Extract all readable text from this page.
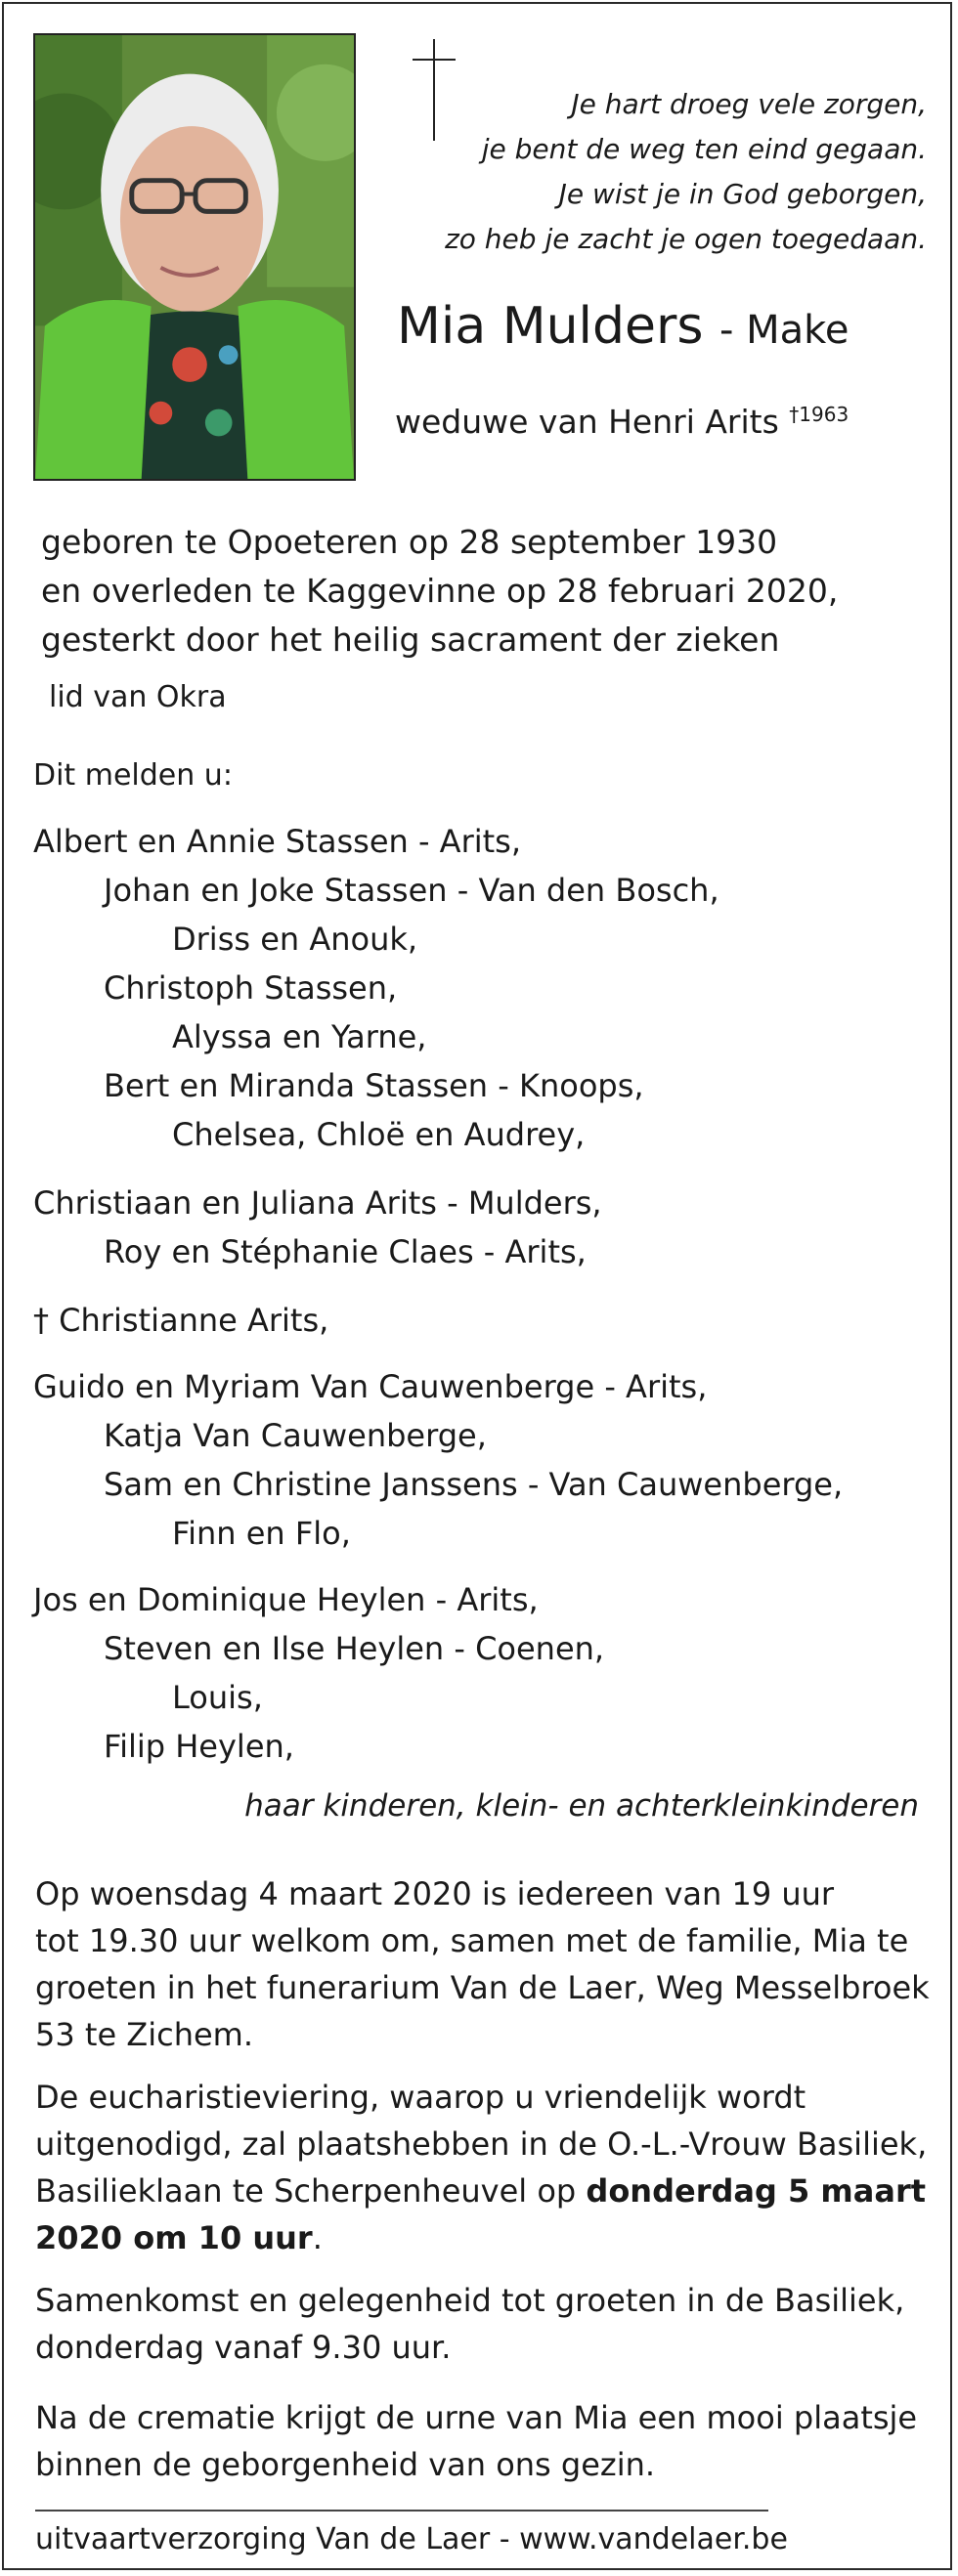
Je hart droeg vele zorgen,
je bent de weg ten eind gegaan.
Je wist je in God geborgen,
zo heb je zacht je ogen toegedaan.
Mia Mulders - Make
weduwe van Henri Arits $^{\dagger 1963}$
geboren te Opoeteren op 28 september 1930
en overleden te Kaggevinne op 28 februari 2020,
gesterkt door het heilig sacrament der zieken
lid van Okra
Dit melden u:
Albert en Annie Stassen - Arits,
Johan en Joke Stassen - Van den Bosch,
Driss en Anouk,
Christoph Stassen,
Alyssa en Yarne,
Bert en Miranda Stassen - Knoops,
Chelsea, Chloë en Audrey,
Christiaan en Juliana Arits - Mulders,
Roy en Stéphanie Claes - Arits,
† Christianne Arits,
Guido en Myriam Van Cauwenberge - Arits,
Katja Van Cauwenberge,
Sam en Christine Janssens - Van Cauwenberge,
Finn en Flo,
Jos en Dominique Heylen - Arits,
Steven en Ilse Heylen - Coenen,
Louis,
Filip Heylen,
haar kinderen, klein- en achterkleinkinderen
Op woensdag 4 maart 2020 is iedereen van 19 uur
tot 19.30 uur welkom om, samen met de familie, Mia te
groeten in het funerarium Van de Laer, Weg Messelbroek
53 te Zichem.
De eucharistieviering, waarop u vriendelijk wordt
uitgenodigd, zal plaatshebben in de O.-L.-Vrouw Basiliek,
Basilieklaan te Scherpenheuvel op donderdag 5 maart
2020 om 10 uur.
Samenkomst en gelegenheid tot groeten in de Basiliek,
donderdag vanaf 9.30 uur.
Na de crematie krijgt de urne van Mia een mooi plaatsje
binnen de geborgenheid van ons gezin.
uitvaartverzorging Van de Laer - www.vandelaer.be
